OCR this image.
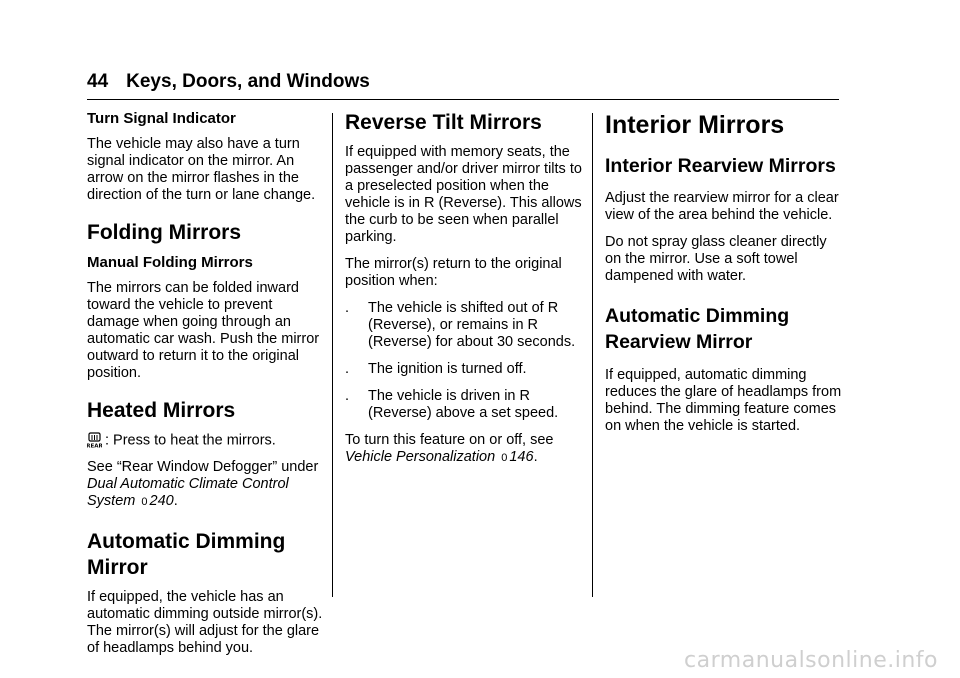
44 Keys, Doors, and Windows
Turn Signal Indicator

The vehicle may also have a turn signal indicator on the mirror. An arrow on the mirror flashes in the direction of the turn or lane change.

Folding Mirrors
Manual Folding Mirrors

The mirrors can be folded inward toward the vehicle to prevent damage when going through an automatic car wash. Push the mirror outward to return it to the original position.

Heated Mirrors

REAR : Press to heat the mirrors.

See “Rear Window Defogger” under Dual Automatic Climate Control System 0 240.

Automatic Dimming Mirror

If equipped, the vehicle has an automatic dimming outside mirror(s). The mirror(s) will adjust for the glare of headlamps behind you.

Reverse Tilt Mirrors

If equipped with memory seats, the passenger and/or driver mirror tilts to a preselected position when the vehicle is in R (Reverse). This allows the curb to be seen when parallel parking.

The mirror(s) return to the original position when:

. The vehicle is shifted out of R (Reverse), or remains in R (Reverse) for about 30 seconds.
. The ignition is turned off.
. The vehicle is driven in R (Reverse) above a set speed.

To turn this feature on or off, see Vehicle Personalization 0 146.

Interior Mirrors
Interior Rearview Mirrors

Adjust the rearview mirror for a clear view of the area behind the vehicle.

Do not spray glass cleaner directly on the mirror. Use a soft towel dampened with water.

Automatic Dimming Rearview Mirror

If equipped, automatic dimming reduces the glare of headlamps from behind. The dimming feature comes on when the vehicle is started.

carmanualsonline.info
